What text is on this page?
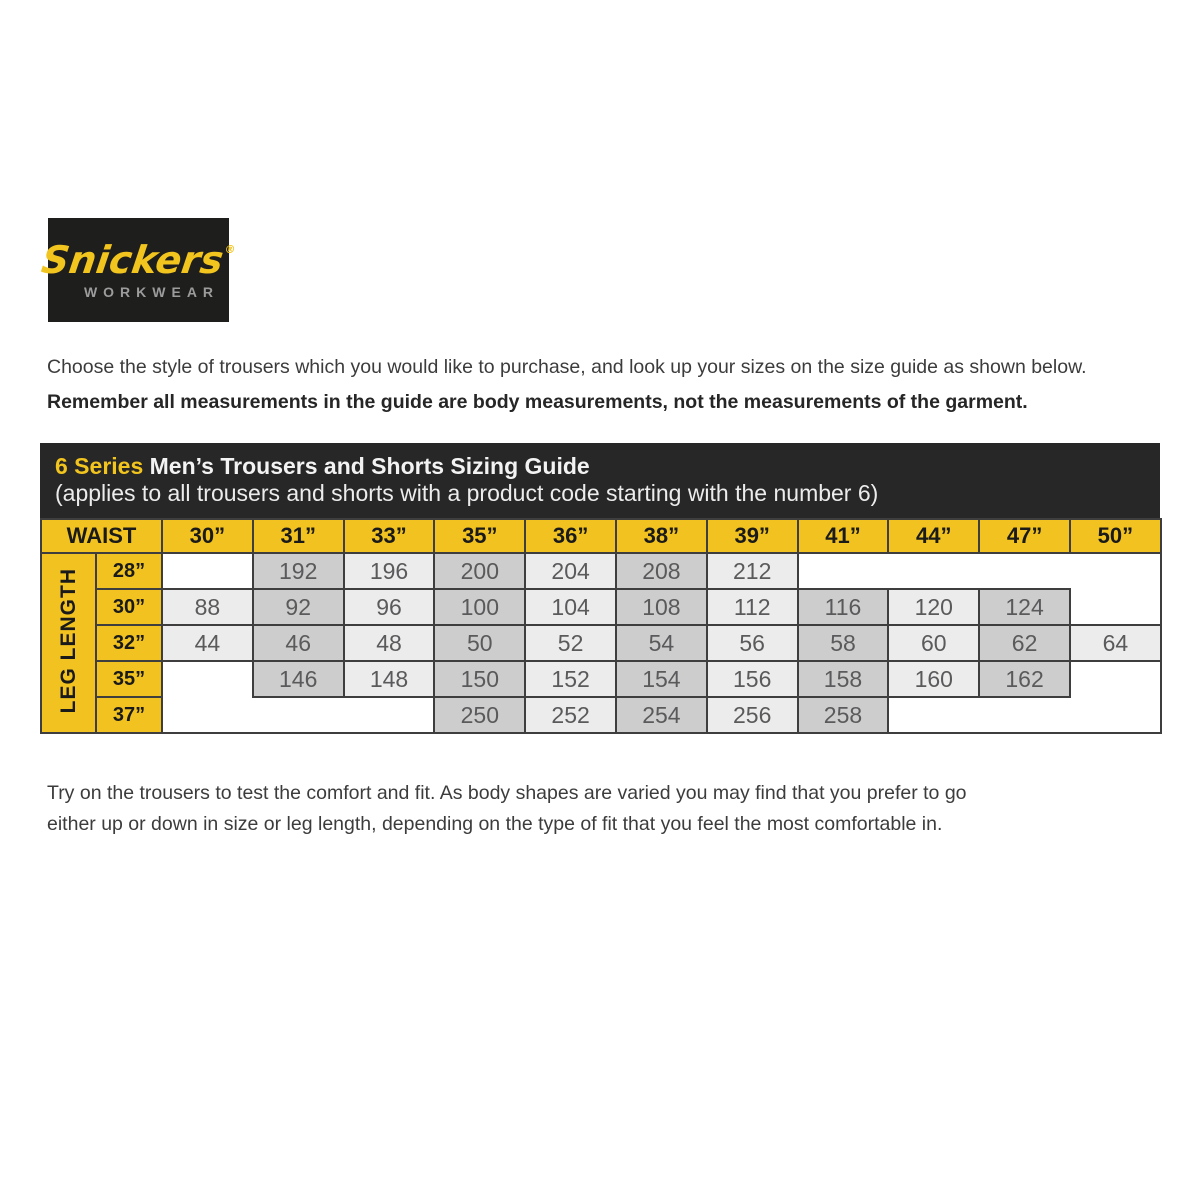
Snickers®
WORKWEAR

Choose the style of trousers which you would like to purchase, and look up your sizes on the size guide as shown below.

Remember all measurements in the guide are body measurements, not the measurements of the garment.

6 Series Men’s Trousers and Shorts Sizing Guide
(applies to all trousers and shorts with a product code starting with the number 6)
WAIST		30”	31”	33”	35”	36”	38”	39”	41”	44”	47”	50”
LEG LENGTH	28”		192	196	200	204	208	212				
	30”	88	92	96	100	104	108	112	116	120	124	
	32”	44	46	48	50	52	54	56	58	60	62	64
	35”		146	148	150	152	154	156	158	160	162	
	37”				250	252	254	256	258			
Try on the trousers to test the comfort and fit. As body shapes are varied you may find that you prefer to go
either up or down in size or leg length, depending on the type of fit that you feel the most comfortable in.
